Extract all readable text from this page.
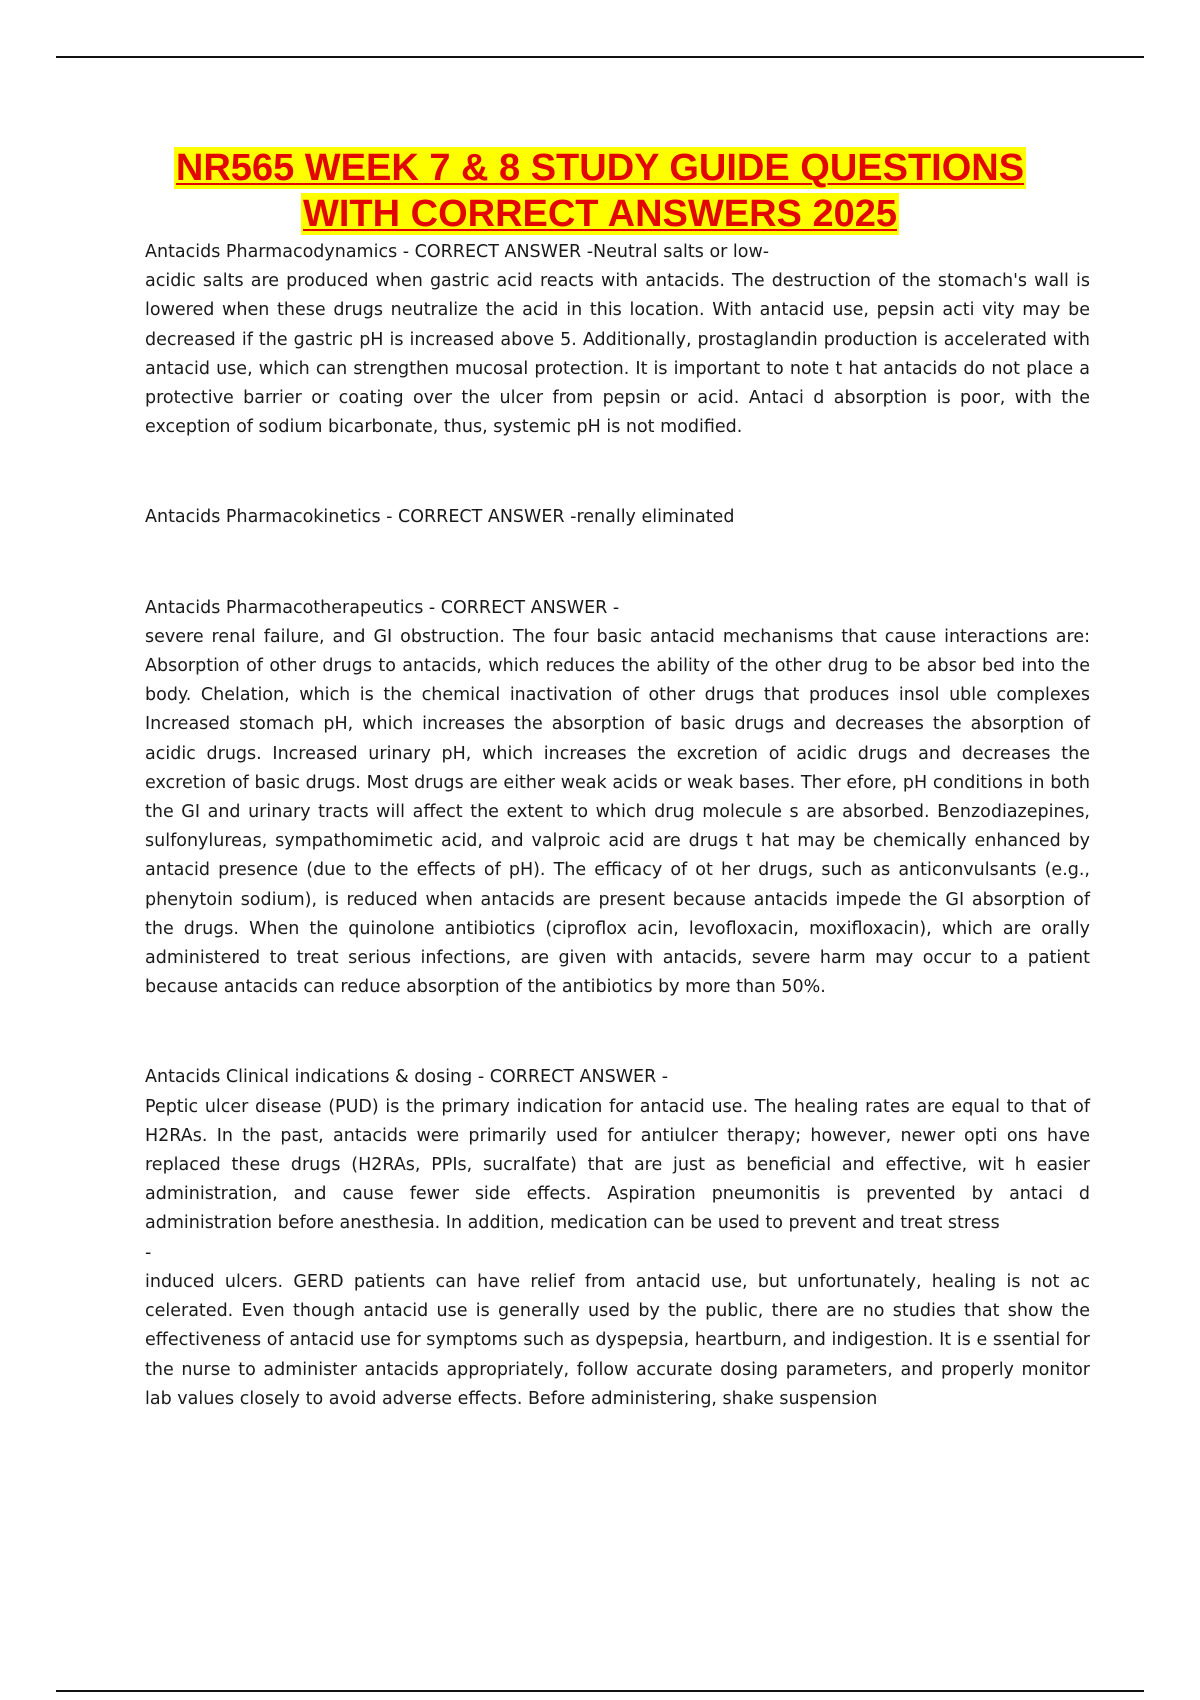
NR565 WEEK 7 & 8 STUDY GUIDE QUESTIONS
WITH CORRECT ANSWERS 2025

Antacids Pharmacodynamics - CORRECT ANSWER -Neutral salts or low-

acidic salts are produced when gastric acid reacts with antacids. The destruction of the stomach's wall is lowered when these drugs neutralize the acid in this location. With antacid use, pepsin acti vity may be decreased if the gastric pH is increased above 5. Additionally, prostaglandin production is accelerated with antacid use, which can strengthen mucosal protection. It is important to note t hat antacids do not place a protective barrier or coating over the ulcer from pepsin or acid. Antaci d absorption is poor, with the exception of sodium bicarbonate, thus, systemic pH is not modified.

Antacids Pharmacokinetics - CORRECT ANSWER -renally eliminated

Antacids Pharmacotherapeutics - CORRECT ANSWER -

severe renal failure, and GI obstruction. The four basic antacid mechanisms that cause interactions are: Absorption of other drugs to antacids, which reduces the ability of the other drug to be absor bed into the body. Chelation, which is the chemical inactivation of other drugs that produces insol uble complexes Increased stomach pH, which increases the absorption of basic drugs and decreases the absorption of acidic drugs. Increased urinary pH, which increases the excretion of acidic drugs and decreases the excretion of basic drugs. Most drugs are either weak acids or weak bases. Ther efore, pH conditions in both the GI and urinary tracts will affect the extent to which drug molecule s are absorbed. Benzodiazepines, sulfonylureas, sympathomimetic acid, and valproic acid are drugs t hat may be chemically enhanced by antacid presence (due to the effects of pH). The efficacy of ot her drugs, such as anticonvulsants (e.g., phenytoin sodium), is reduced when antacids are present because antacids impede the GI absorption of the drugs. When the quinolone antibiotics (ciproflox acin, levofloxacin, moxifloxacin), which are orally administered to treat serious infections, are given with antacids, severe harm may occur to a patient because antacids can reduce absorption of the antibiotics by more than 50%.

Antacids Clinical indications & dosing - CORRECT ANSWER -

Peptic ulcer disease (PUD) is the primary indication for antacid use. The healing rates are equal to that of H2RAs. In the past, antacids were primarily used for antiulcer therapy; however, newer opti ons have replaced these drugs (H2RAs, PPIs, sucralfate) that are just as beneficial and effective, wit h easier administration, and cause fewer side effects. Aspiration pneumonitis is prevented by antaci d administration before anesthesia. In addition, medication can be used to prevent and treat stress

-

induced ulcers. GERD patients can have relief from antacid use, but unfortunately, healing is not ac celerated. Even though antacid use is generally used by the public, there are no studies that show the effectiveness of antacid use for symptoms such as dyspepsia, heartburn, and indigestion. It is e ssential for the nurse to administer antacids appropriately, follow accurate dosing parameters, and properly monitor lab values closely to avoid adverse effects. Before administering, shake suspension
